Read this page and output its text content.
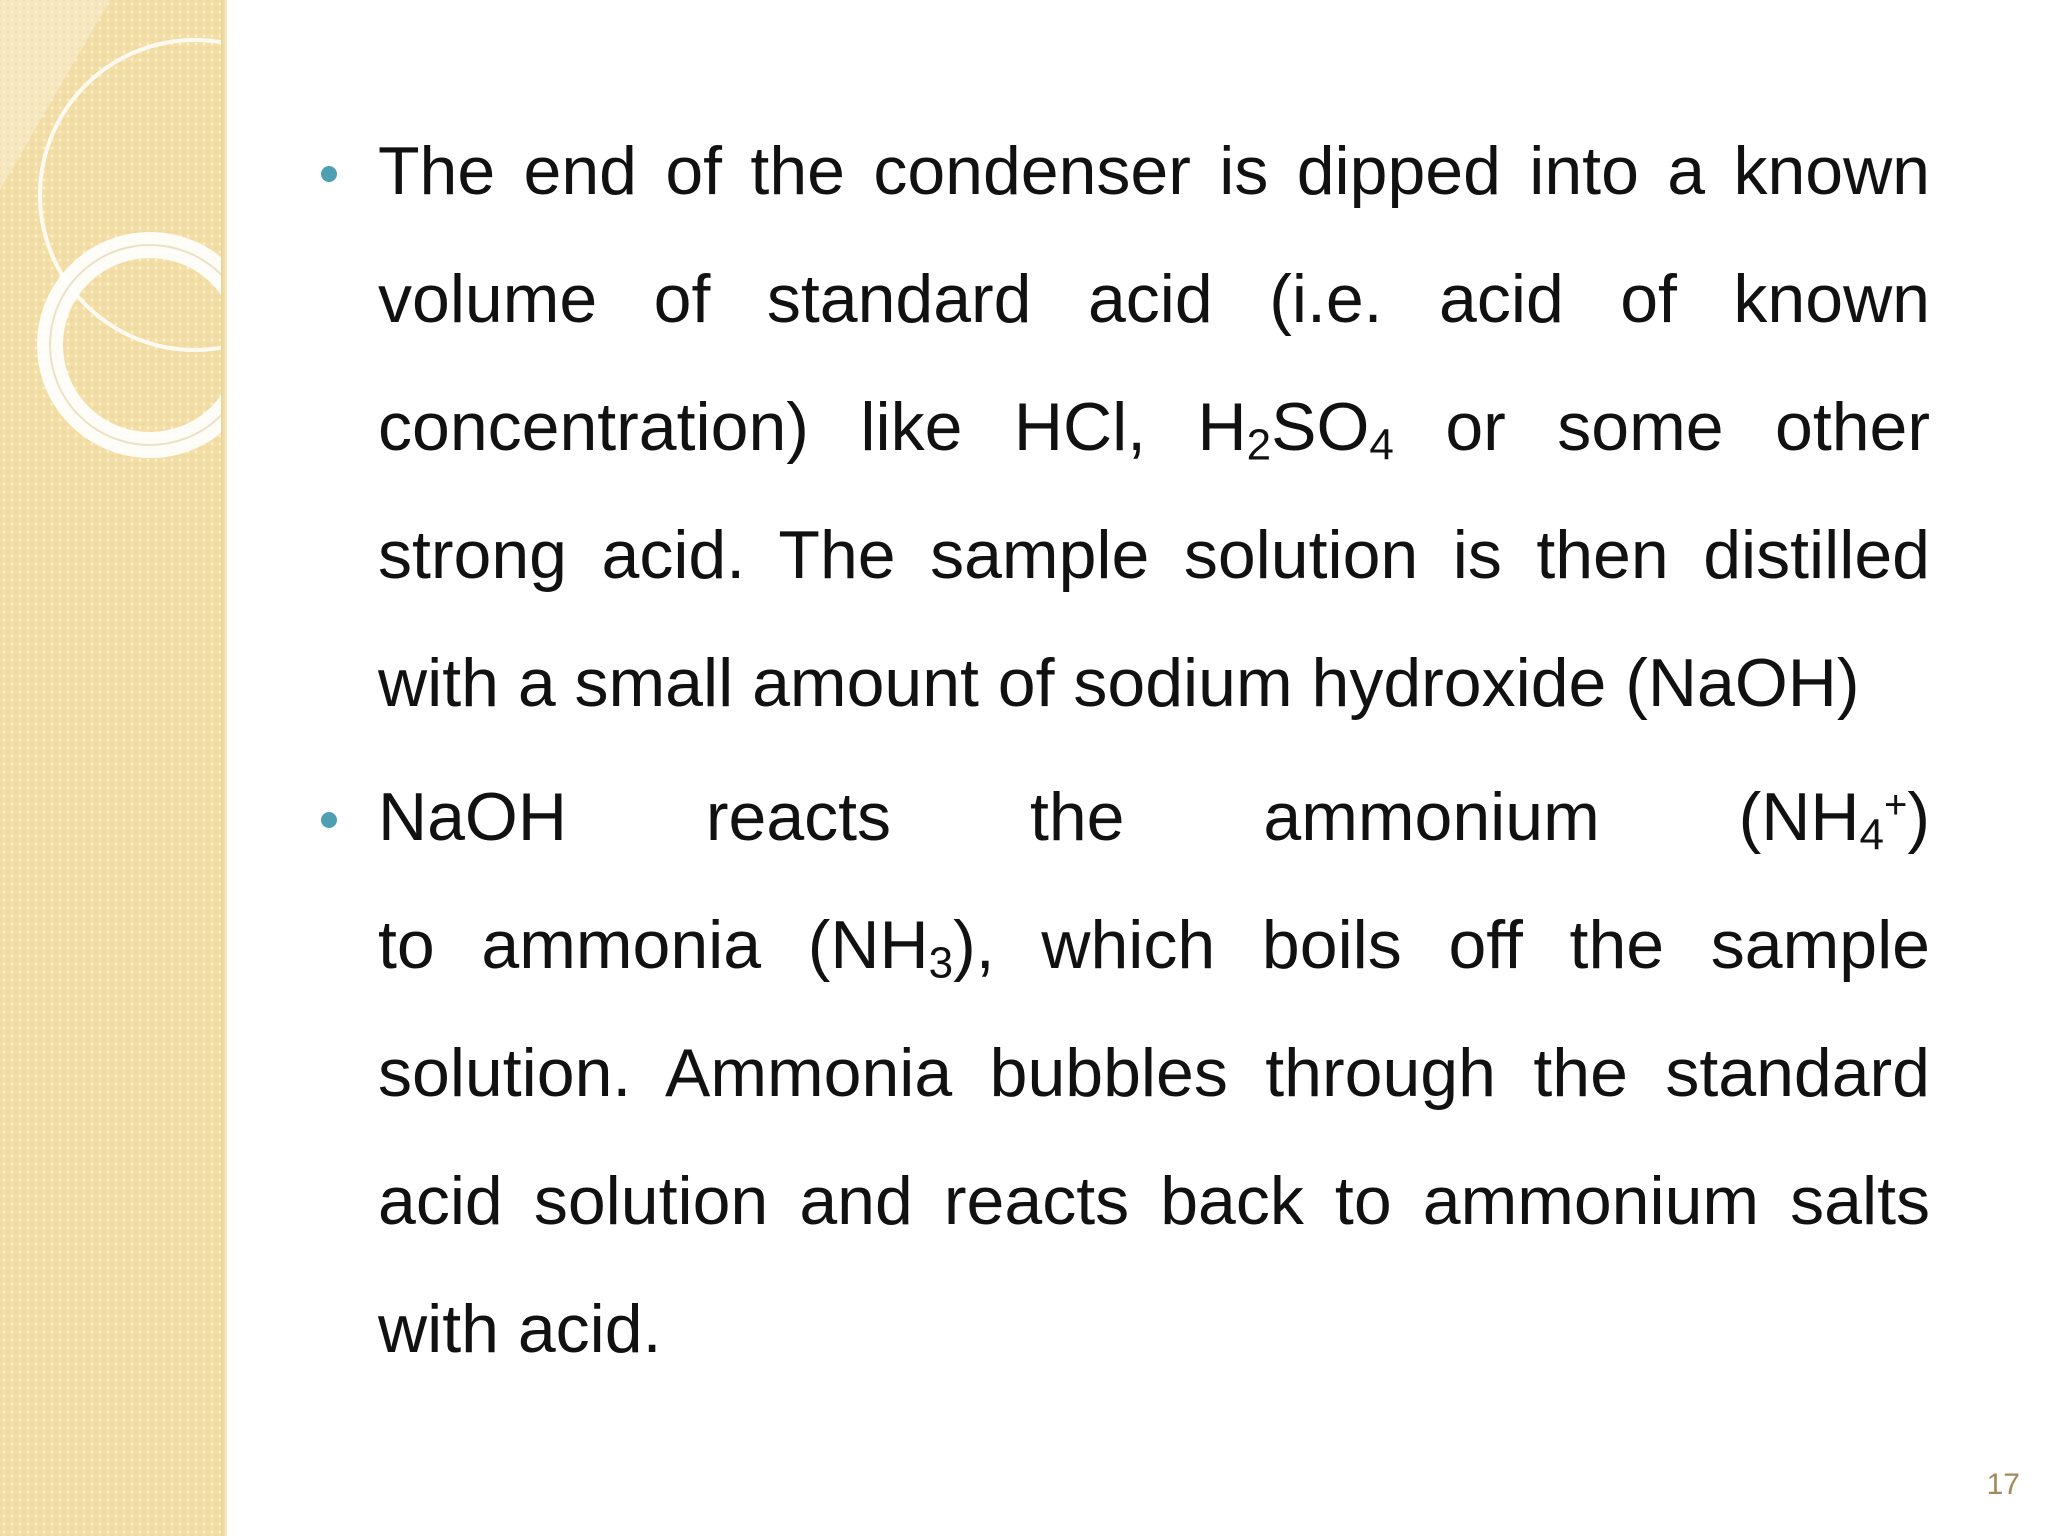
The end of the condenser is dipped into a known
volume of standard acid (i.e. acid of known
concentration) like HCl, $H_2SO_4$ or some other
strong acid. The sample solution is then distilled
with a small amount of sodium hydroxide (NaOH)
NaOH reacts the ammonium $(NH_4^+)$
to ammonia $(NH_3)$, which boils off the sample
solution. Ammonia bubbles through the standard
acid solution and reacts back to ammonium salts
with acid.
17
